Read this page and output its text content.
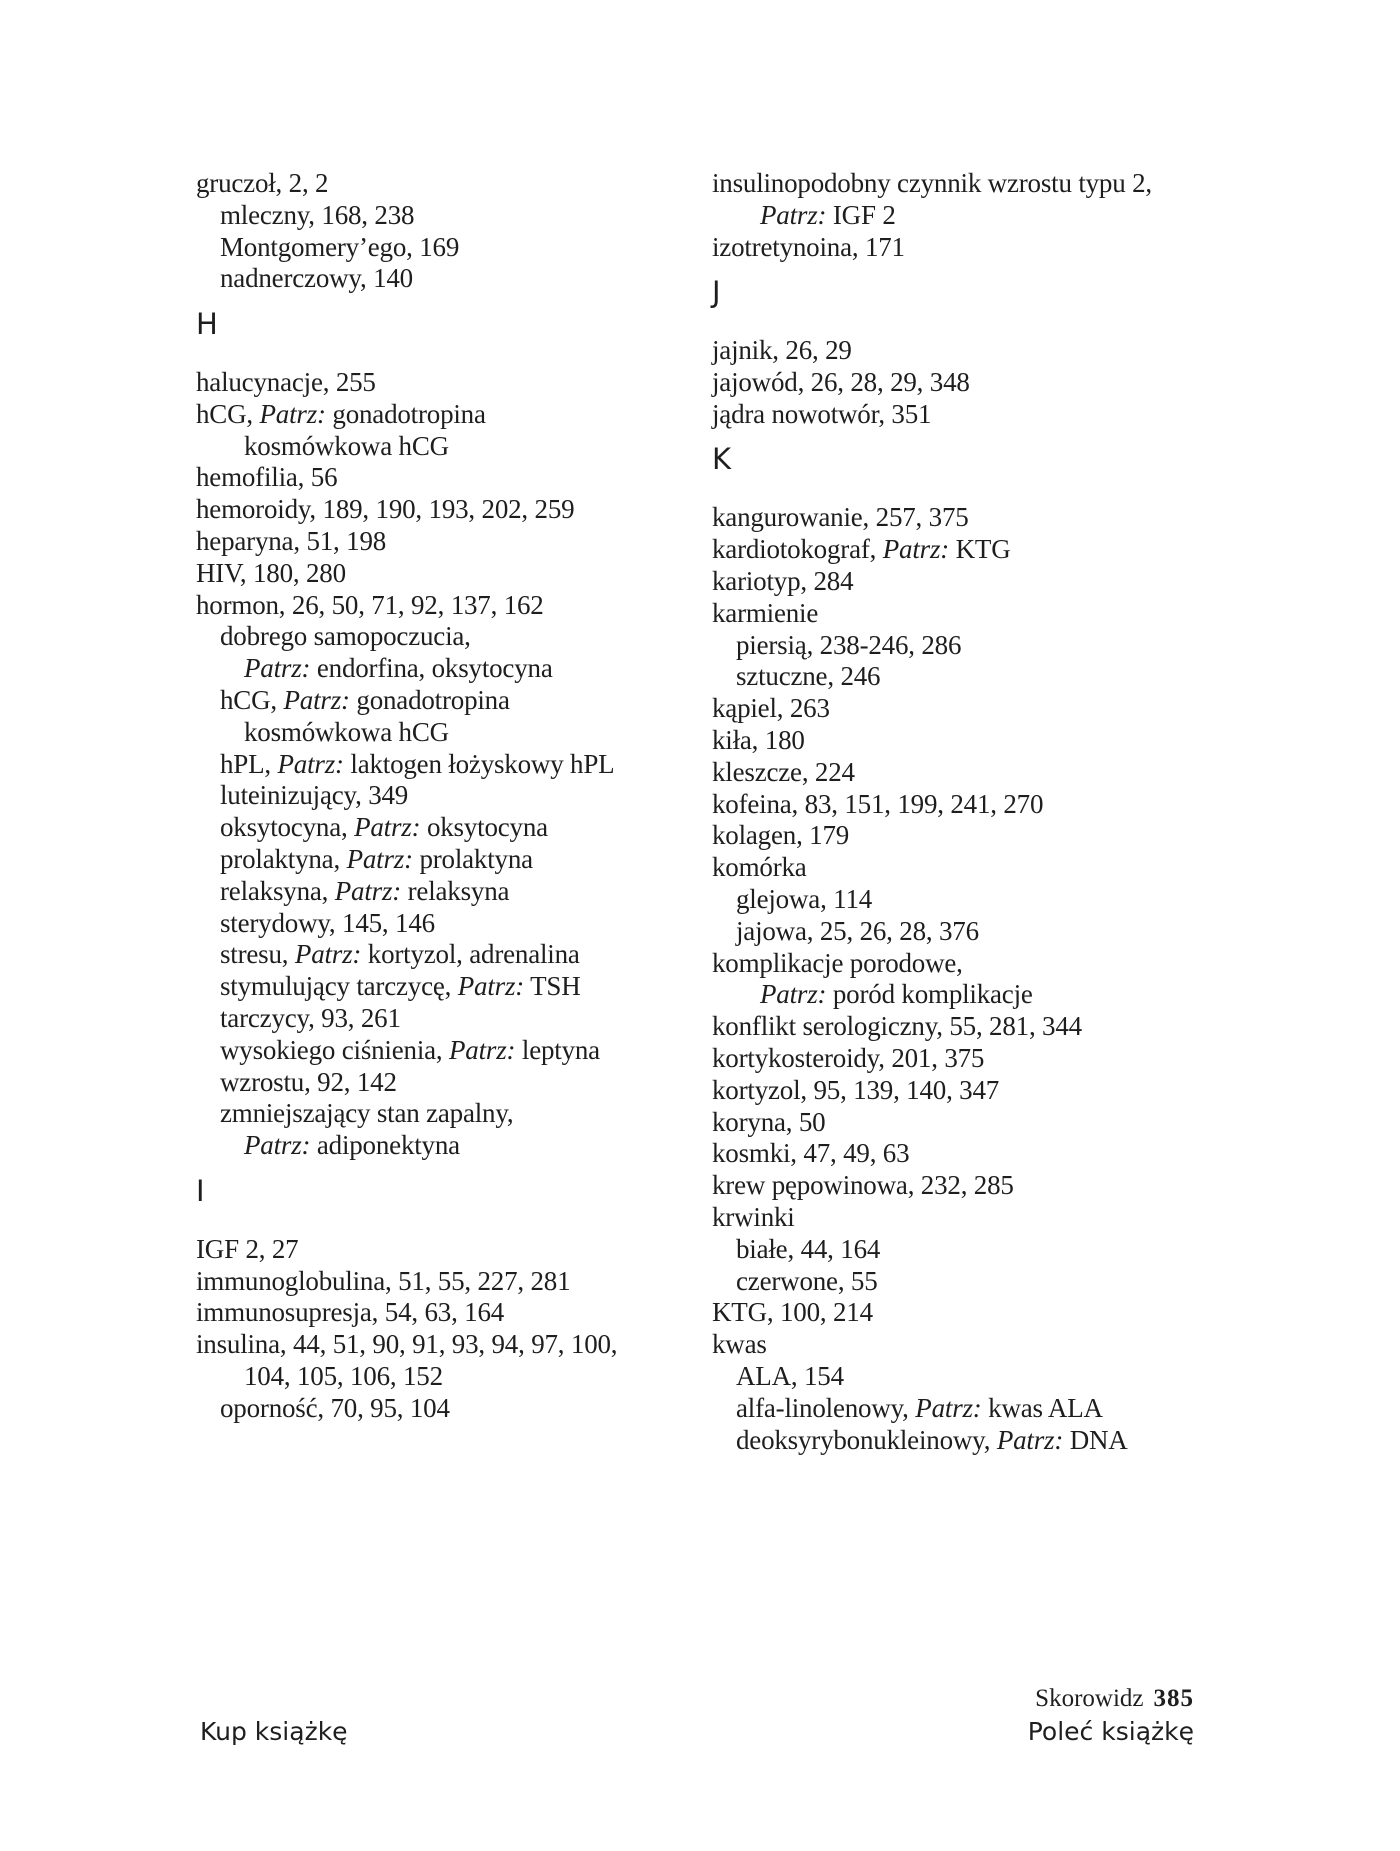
gruczoł, 2, 2
mleczny, 168, 238
Montgomery’ego, 169
nadnerczowy, 140
H
halucynacje, 255
hCG, Patrz: gonadotropina
kosmówkowa hCG
hemofilia, 56
hemoroidy, 189, 190, 193, 202, 259
heparyna, 51, 198
HIV, 180, 280
hormon, 26, 50, 71, 92, 137, 162
dobrego samopoczucia,
Patrz: endorfina, oksytocyna
hCG, Patrz: gonadotropina
kosmówkowa hCG
hPL, Patrz: laktogen łożyskowy hPL
luteinizujący, 349
oksytocyna, Patrz: oksytocyna
prolaktyna, Patrz: prolaktyna
relaksyna, Patrz: relaksyna
sterydowy, 145, 146
stresu, Patrz: kortyzol, adrenalina
stymulujący tarczycę, Patrz: TSH
tarczycy, 93, 261
wysokiego ciśnienia, Patrz: leptyna
wzrostu, 92, 142
zmniejszający stan zapalny,
Patrz: adiponektyna
I
IGF 2, 27
immunoglobulina, 51, 55, 227, 281
immunosupresja, 54, 63, 164
insulina, 44, 51, 90, 91, 93, 94, 97, 100,
104, 105, 106, 152
oporność, 70, 95, 104
insulinopodobny czynnik wzrostu typu 2,
Patrz: IGF 2
izotretynoina, 171
J
jajnik, 26, 29
jajowód, 26, 28, 29, 348
jądra nowotwór, 351
K
kangurowanie, 257, 375
kardiotokograf, Patrz: KTG
kariotyp, 284
karmienie
piersią, 238-246, 286
sztuczne, 246
kąpiel, 263
kiła, 180
kleszcze, 224
kofeina, 83, 151, 199, 241, 270
kolagen, 179
komórka
glejowa, 114
jajowa, 25, 26, 28, 376
komplikacje porodowe,
Patrz: poród komplikacje
konflikt serologiczny, 55, 281, 344
kortykosteroidy, 201, 375
kortyzol, 95, 139, 140, 347
koryna, 50
kosmki, 47, 49, 63
krew pępowinowa, 232, 285
krwinki
białe, 44, 164
czerwone, 55
KTG, 100, 214
kwas
ALA, 154
alfa-linolenowy, Patrz: kwas ALA
deoksyrybonukleinowy, Patrz: DNA
Skorowidz 385
Kup książkę	Poleć książkę
